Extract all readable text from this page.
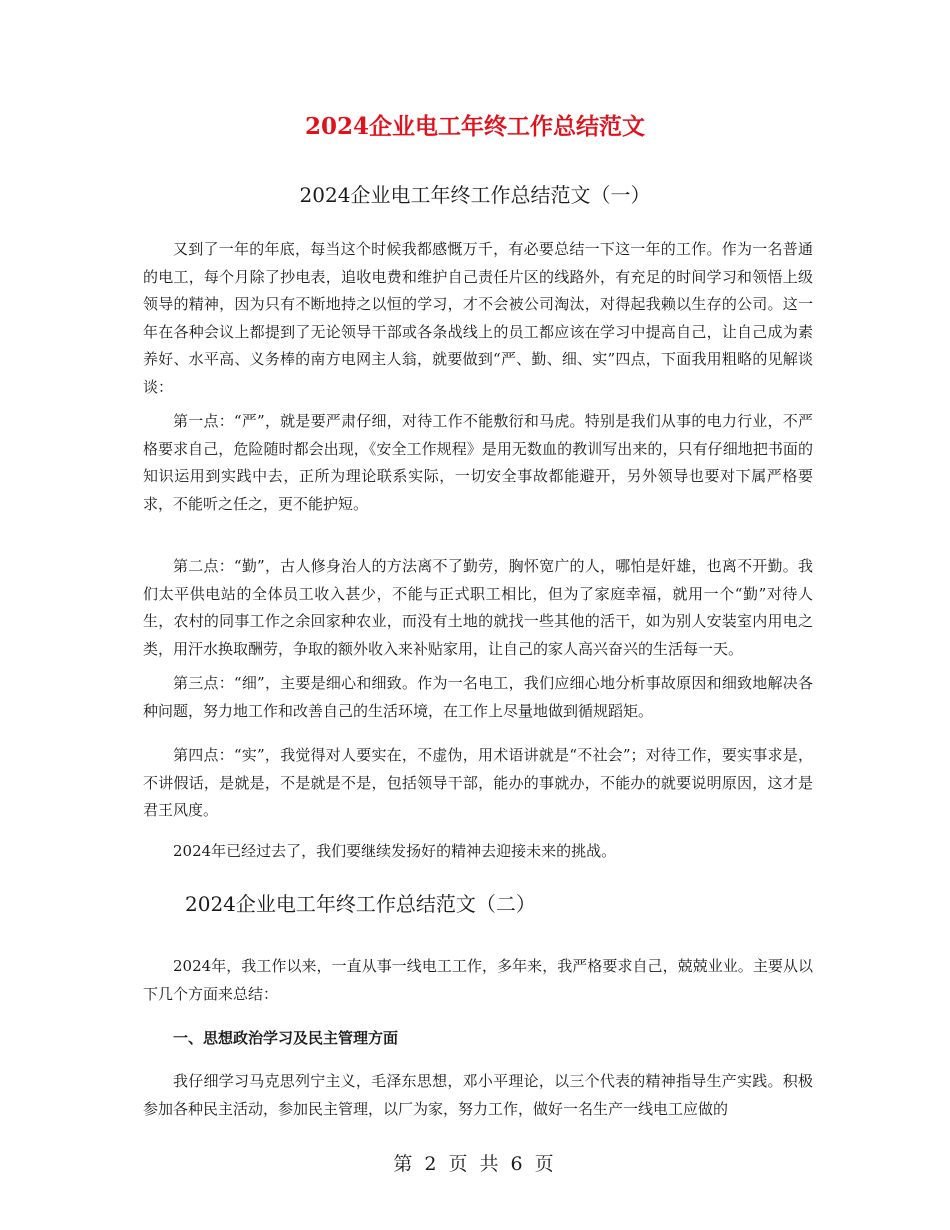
2024企业电工年终工作总结范文
2024企业电工年终工作总结范文（一）

又到了一年的年底，每当这个时候我都感慨万千，有必要总结一下这一年的工作。作为一名普通的电工，每个月除了抄电表，追收电费和维护自己责任片区的线路外，有充足的时间学习和领悟上级领导的精神，因为只有不断地持之以恒的学习，才不会被公司淘汰，对得起我赖以生存的公司。这一年在各种会议上都提到了无论领导干部或各条战线上的员工都应该在学习中提高自己，让自己成为素养好、水平高、义务棒的南方电网主人翁，就要做到“严、勤、细、实”四点，下面我用粗略的见解谈谈：

第一点：“严”，就是要严肃仔细，对待工作不能敷衍和马虎。特别是我们从事的电力行业，不严格要求自己，危险随时都会出现，《安全工作规程》是用无数血的教训写出来的，只有仔细地把书面的知识运用到实践中去，正所为理论联系实际，一切安全事故都能避开，另外领导也要对下属严格要求，不能听之任之，更不能护短。

第二点：“勤”，古人修身治人的方法离不了勤劳，胸怀宽广的人，哪怕是奸雄，也离不开勤。我们太平供电站的全体员工收入甚少，不能与正式职工相比，但为了家庭幸福，就用一个“勤”对待人生，农村的同事工作之余回家种农业，而没有土地的就找一些其他的活干，如为别人安装室内用电之类，用汗水换取酬劳，争取的额外收入来补贴家用，让自己的家人高兴奋兴的生活每一天。

第三点：“细”，主要是细心和细致。作为一名电工，我们应细心地分析事故原因和细致地解决各种问题，努力地工作和改善自己的生活环境，在工作上尽量地做到循规蹈矩。

第四点：“实”，我觉得对人要实在，不虚伪，用术语讲就是“不社会”；对待工作，要实事求是，不讲假话，是就是，不是就是不是，包括领导干部，能办的事就办，不能办的就要说明原因，这才是君王风度。

2024年已经过去了，我们要继续发扬好的精神去迎接未来的挑战。

2024企业电工年终工作总结范文（二）

2024年，我工作以来，一直从事一线电工工作，多年来，我严格要求自己，兢兢业业。主要从以下几个方面来总结：

一、思想政治学习及民主管理方面

我仔细学习马克思列宁主义，毛泽东思想，邓小平理论，以三个代表的精神指导生产实践。积极参加各种民主活动，参加民主管理，以厂为家，努力工作，做好一名生产一线电工应做的

第 2 页 共 6 页
